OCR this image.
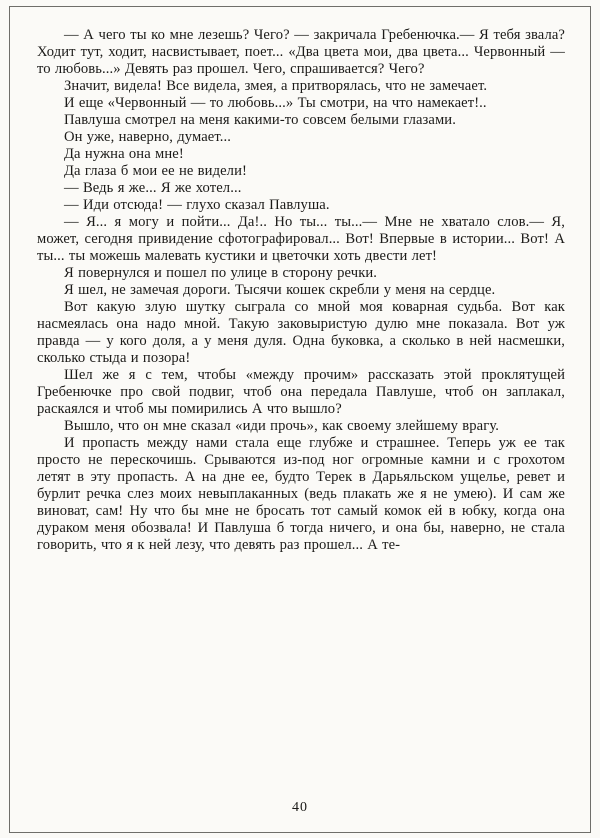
— А чего ты ко мне лезешь? Чего? — закричала Гребенючка.— Я тебя звала? Ходит тут, ходит, насвистывает, поет... «Два цвета мои, два цвета... Червонный — то любовь...» Девять раз прошел. Чего, спрашивается? Чего?

Значит, видела! Все видела, змея, а притворялась, что не замечает.

И еще «Червонный — то любовь...» Ты смотри, на что намекает!..

Павлуша смотрел на меня какими-то совсем белыми глазами.

Он уже, наверно, думает...

Да нужна она мне!

Да глаза б мои ее не видели!

— Ведь я же... Я же хотел...

— Иди отсюда! — глухо сказал Павлуша.

— Я... я могу и пойти... Да!.. Но ты... ты...— Мне не хватало слов.— Я, может, сегодня привидение сфотографировал... Вот! Впервые в истории... Вот! А ты... ты можешь малевать кустики и цветочки хоть двести лет!

Я повернулся и пошел по улице в сторону речки.

Я шел, не замечая дороги. Тысячи кошек скребли у меня на сердце.

Вот какую злую шутку сыграла со мной моя коварная судьба. Вот как насмеялась она надо мной. Такую заковыристую дулю мне показала. Вот уж правда — у кого доля, а у меня дуля. Одна буковка, а сколько в ней насмешки, сколько стыда и позора!

Шел же я с тем, чтобы «между прочим» рассказать этой проклятущей Гребенючке про свой подвиг, чтоб она передала Павлуше, чтоб он заплакал, раскаялся и чтоб мы помирились А что вышло?

Вышло, что он мне сказал «иди прочь», как своему злейшему врагу.

И пропасть между нами стала еще глубже и страшнее. Теперь уж ее так просто не перескочишь. Срываются из-под ног огромные камни и с грохотом летят в эту пропасть. А на дне ее, будто Терек в Дарьяльском ущелье, ревет и бурлит речка слез моих невыплаканных (ведь плакать же я не умею). И сам же виноват, сам! Ну что бы мне не бросать тот самый комок ей в юбку, когда она дураком меня обозвала! И Павлуша б тогда ничего, и она бы, наверно, не стала говорить, что я к ней лезу, что девять раз прошел... А те-

40
